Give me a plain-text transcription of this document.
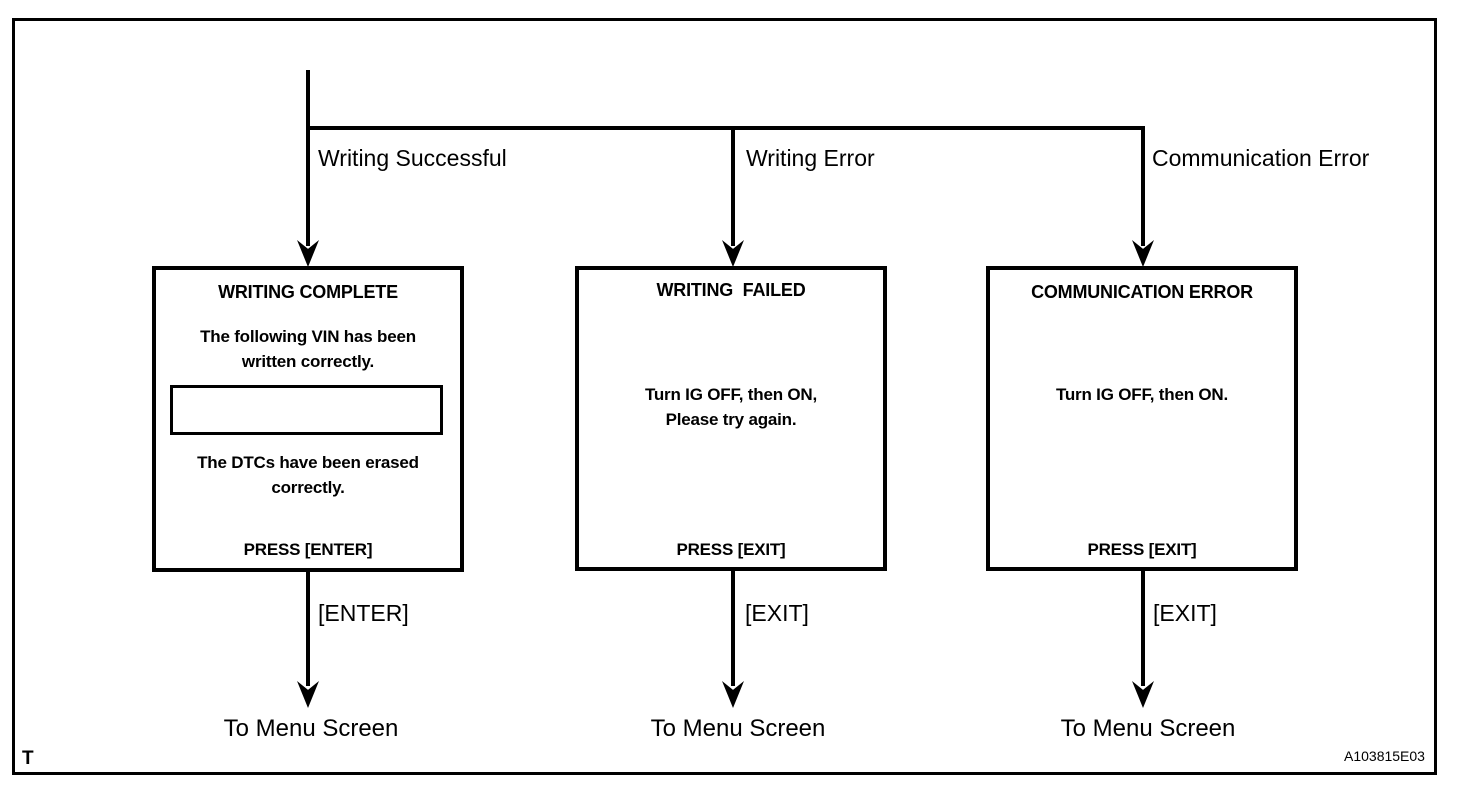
Writing Successful	Writing Error	Communication Error
WRITING COMPLETE
The following VIN has been
written correctly.
The DTCs have been erased
correctly.
PRESS [ENTER]
WRITING  FAILED
Turn IG OFF, then ON,
Please try again.
PRESS [EXIT]
COMMUNICATION ERROR
Turn IG OFF, then ON.
PRESS [EXIT]
[ENTER]	[EXIT]	[EXIT]
To Menu Screen	To Menu Screen	To Menu Screen
T	A103815E03
